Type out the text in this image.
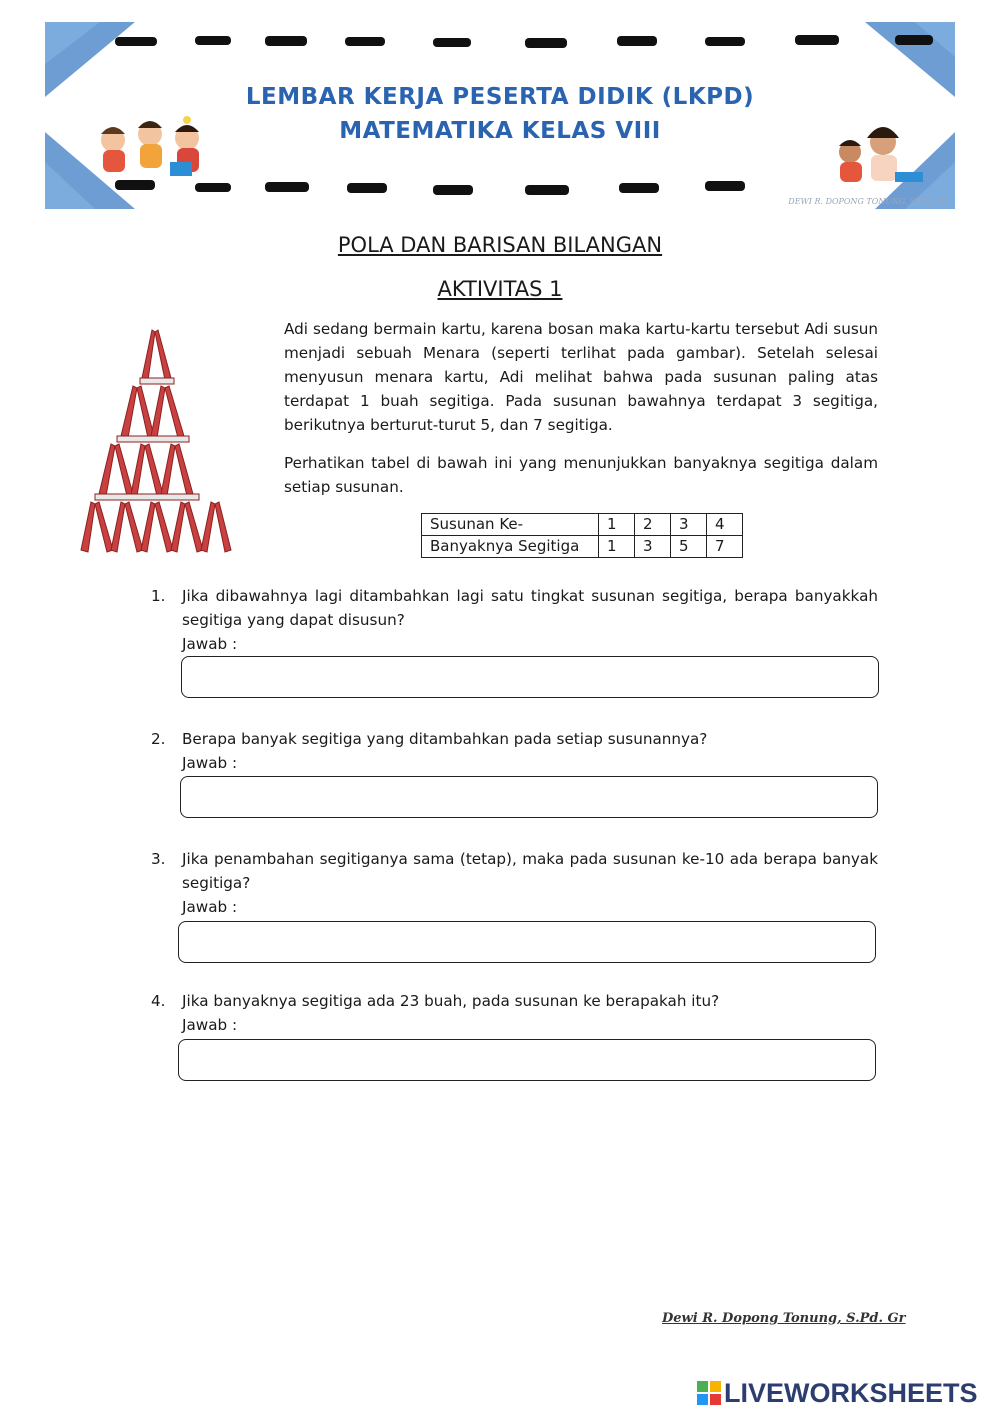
LEMBAR KERJA PESERTA DIDIK (LKPD)
MATEMATIKA KELAS VIII
DEWI R. DOPONG TONUNG, S.PD, GR
POLA DAN BARISAN BILANGAN
AKTIVITAS 1

Adi sedang bermain kartu, karena bosan maka kartu-kartu tersebut Adi susun menjadi sebuah Menara (seperti terlihat pada gambar). Setelah selesai menyusun menara kartu, Adi melihat bahwa pada susunan paling atas terdapat 1 buah segitiga. Pada susunan bawahnya terdapat 3 segitiga, berikutnya berturut-turut 5, dan 7 segitiga.

Perhatikan tabel di bawah ini yang menunjukkan banyaknya segitiga dalam setiap susunan.

Susunan Ke-	1	2	3	4
Banyaknya Segitiga	1	3	5	7
1. Jika dibawahnya lagi ditambahkan lagi satu tingkat susunan segitiga, berapa banyakkah segitiga yang dapat disusun?
Jawab :
2. Berapa banyak segitiga yang ditambahkan pada setiap susunannya?
Jawab :
3. Jika penambahan segitiganya sama (tetap), maka pada susunan ke-10 ada berapa banyak segitiga?
Jawab :
4. Jika banyaknya segitiga ada 23 buah, pada susunan ke berapakah itu?
Jawab :
Dewi R. Dopong Tonung, S.Pd. Gr
LIVEWORKSHEETS
